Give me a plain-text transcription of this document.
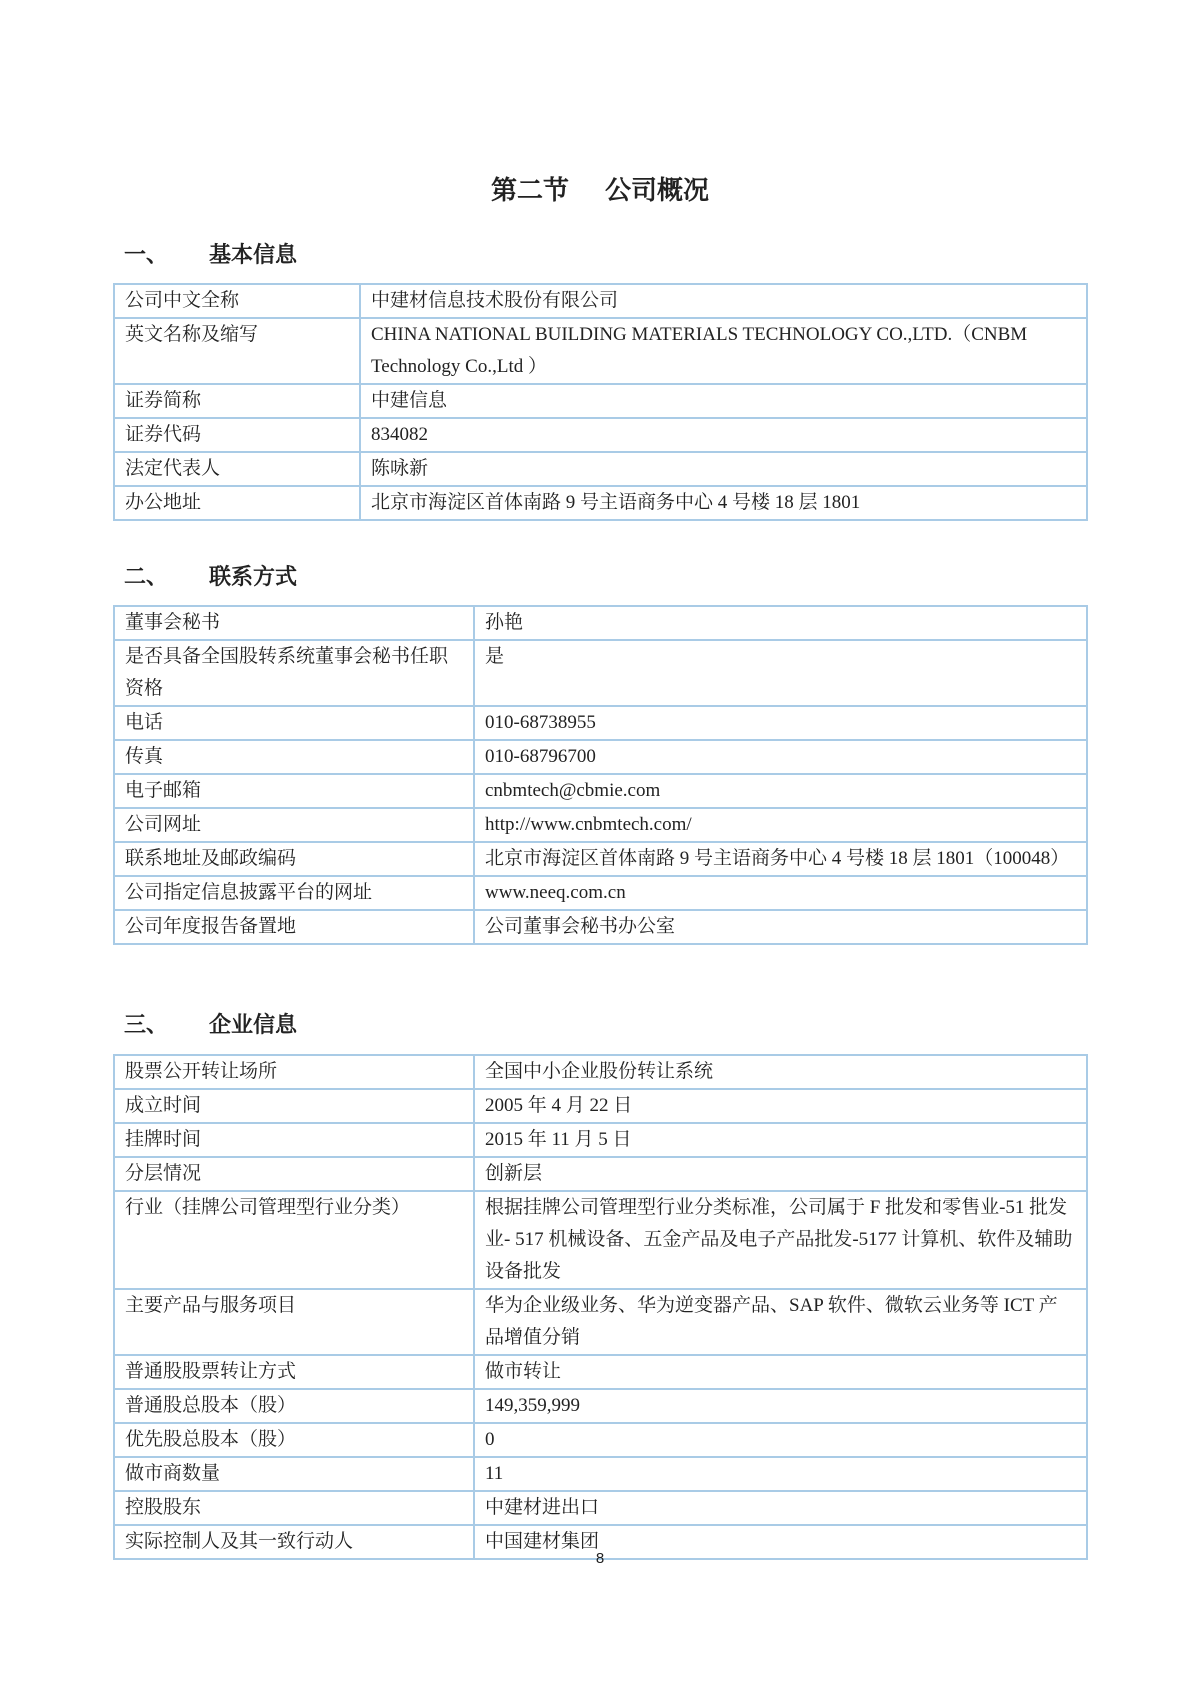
第二节 公司概况
一、 基本信息
公司中文全称	中建材信息技术股份有限公司
英文名称及缩写	CHINA NATIONAL BUILDING MATERIALS TECHNOLOGY CO.,LTD.（CNBM Technology Co.,Ltd ）
证券简称	中建信息
证券代码	834082
法定代表人	陈咏新
办公地址	北京市海淀区首体南路 9 号主语商务中心 4 号楼 18 层 1801
二、 联系方式
董事会秘书	孙艳
是否具备全国股转系统董事会秘书任职资格	是
电话	010-68738955
传真	010-68796700
电子邮箱	cnbmtech@cbmie.com
公司网址	http://www.cnbmtech.com/
联系地址及邮政编码	北京市海淀区首体南路 9 号主语商务中心 4 号楼 18 层 1801（100048）
公司指定信息披露平台的网址	www.neeq.com.cn
公司年度报告备置地	公司董事会秘书办公室
三、 企业信息
股票公开转让场所	全国中小企业股份转让系统
成立时间	2005 年 4 月 22 日
挂牌时间	2015 年 11 月 5 日
分层情况	创新层
行业（挂牌公司管理型行业分类）	根据挂牌公司管理型行业分类标准，公司属于 F 批发和零售业-51 批发业- 517 机械设备、五金产品及电子产品批发-5177 计算机、软件及辅助设备批发
主要产品与服务项目	华为企业级业务、华为逆变器产品、SAP 软件、微软云业务等 ICT 产品增值分销
普通股股票转让方式	做市转让
普通股总股本（股）	149,359,999
优先股总股本（股）	0
做市商数量	11
控股股东	中建材进出口
实际控制人及其一致行动人	中国建材集团
8
